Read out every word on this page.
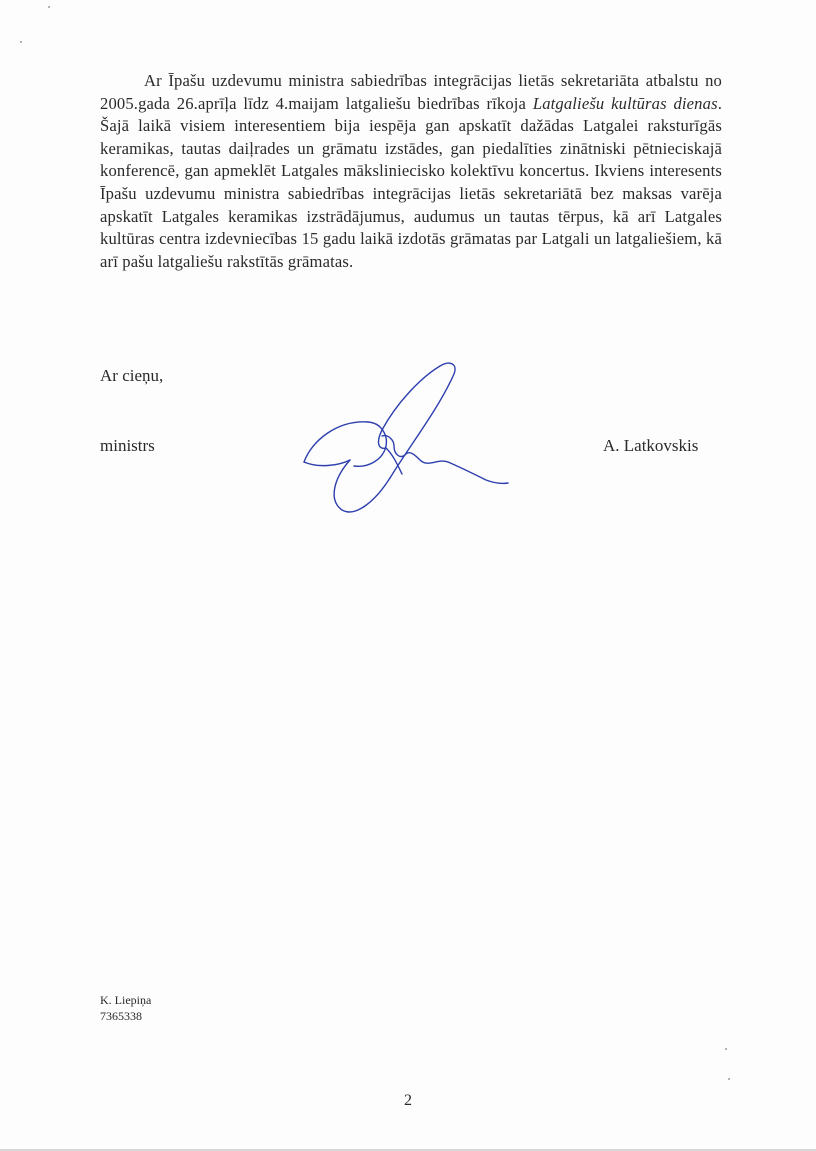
Ar Īpašu uzdevumu ministra sabiedrības integrācijas lietās sekretariāta atbalstu no 2005.gada 26.aprīļa līdz 4.maijam latgaliešu biedrības rīkoja Latgaliešu kultūras dienas. Šajā laikā visiem interesentiem bija iespēja gan apskatīt dažādas Latgalei raksturīgās keramikas, tautas daiļrades un grāmatu izstādes, gan piedalīties zinātniski pētnieciskajā konferencē, gan apmeklēt Latgales mākslinieciskо kolektīvu koncertus. Ikviens interesents Īpašu uzdevumu ministra sabiedrības integrācijas lietās sekretariātā bez maksas varēja apskatīt Latgales keramikas izstrādājumus, audumus un tautas tērpus, kā arī Latgales kultūras centra izdevniecības 15 gadu laikā izdotās grāmatas par Latgali un latgaliešiem, kā arī pašu latgaliešu rakstītās grāmatas.

Ar cieņu,

ministrs	A. Latkovskis

K. Liepiņa
7365338

2
